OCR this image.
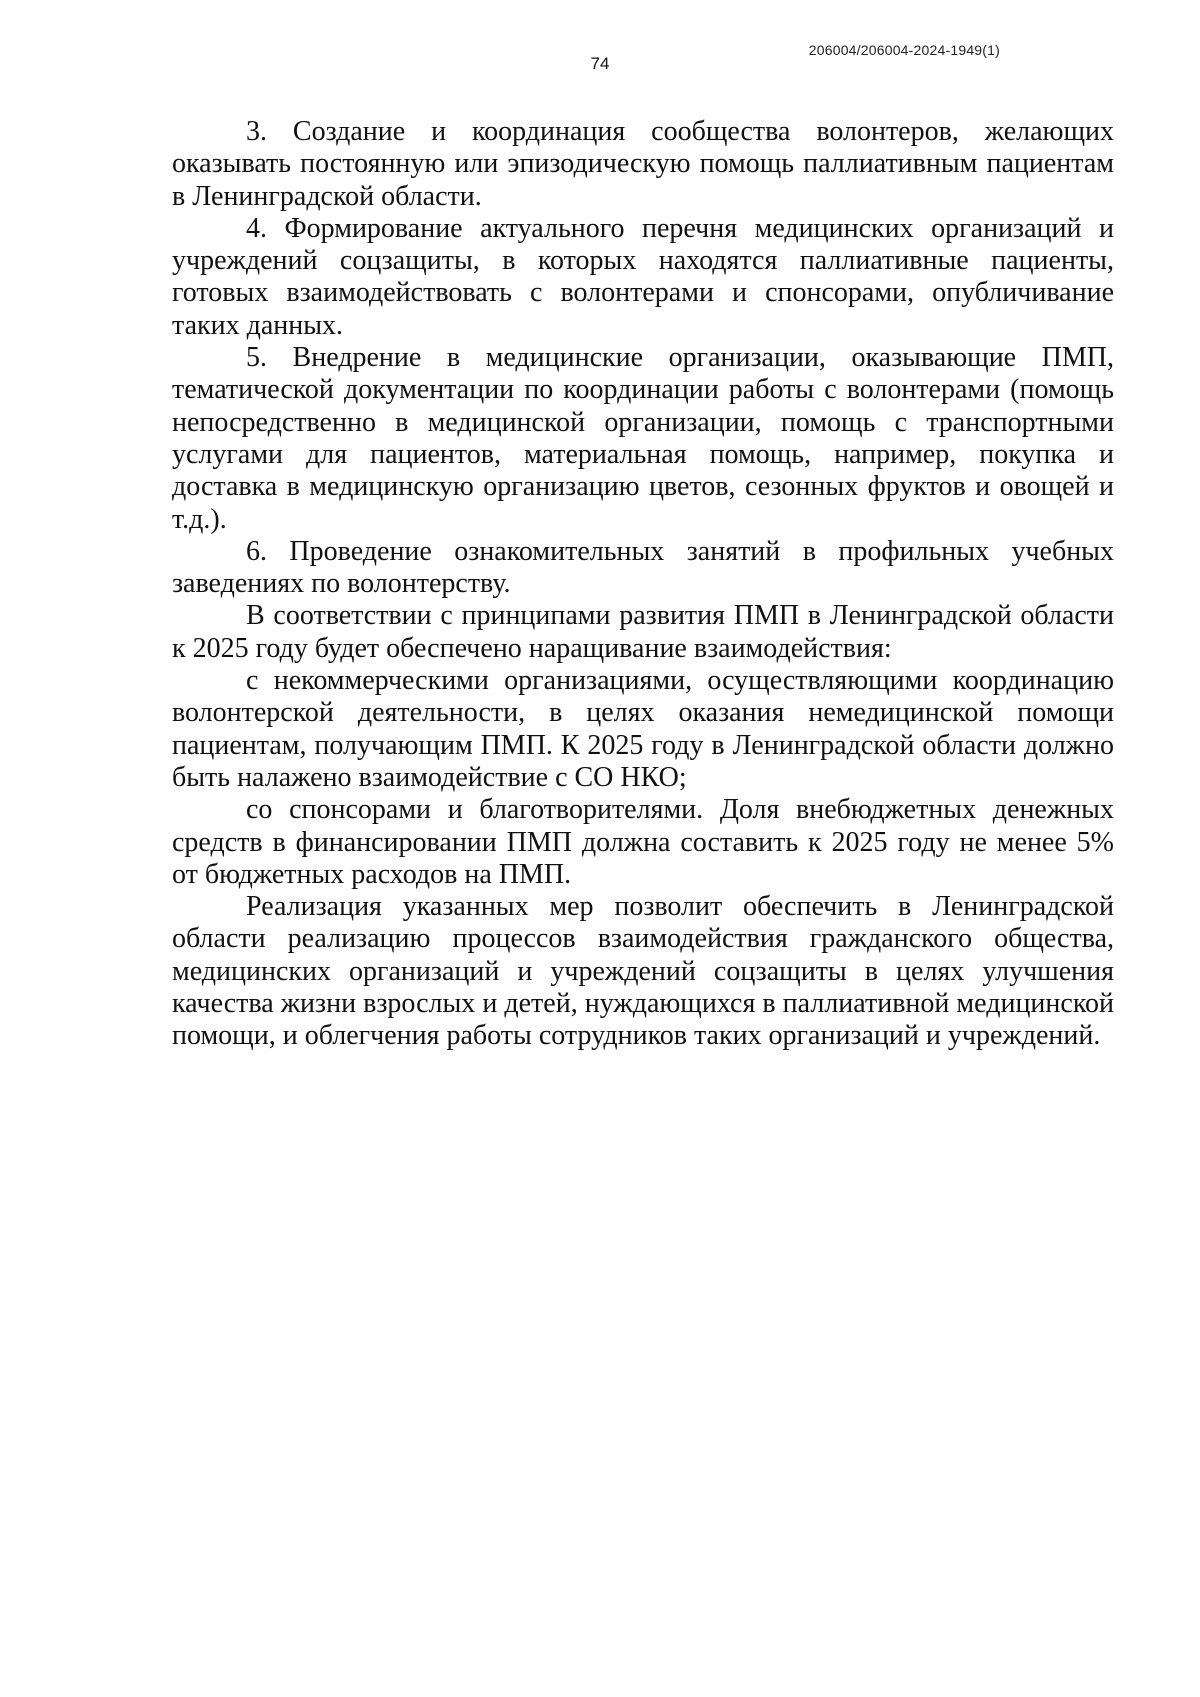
206004/206004-2024-1949(1)
74

3. Создание и координация сообщества волонтеров, желающих оказывать постоянную или эпизодическую помощь паллиативным пациентам в Ленинградской области.

4. Формирование актуального перечня медицинских организаций и учреждений соцзащиты, в которых находятся паллиативные пациенты, готовых взаимодействовать с волонтерами и спонсорами, опубличивание таких данных.

5. Внедрение в медицинские организации, оказывающие ПМП, тематической документации по координации работы с волонтерами (помощь непосредственно в медицинской организации, помощь с транспортными услугами для пациентов, материальная помощь, например, покупка и доставка в медицинскую организацию цветов, сезонных фруктов и овощей и т.д.).

6. Проведение ознакомительных занятий в профильных учебных заведениях по волонтерству.

В соответствии с принципами развития ПМП в Ленинградской области к 2025 году будет обеспечено наращивание взаимодействия:

с некоммерческими организациями, осуществляющими координацию волонтерской деятельности, в целях оказания немедицинской помощи пациентам, получающим ПМП. К 2025 году в Ленинградской области должно быть налажено взаимодействие с СО НКО;

со спонсорами и благотворителями. Доля внебюджетных денежных средств в финансировании ПМП должна составить к 2025 году не менее 5% от бюджетных расходов на ПМП.

Реализация указанных мер позволит обеспечить в Ленинградской области реализацию процессов взаимодействия гражданского общества, медицинских организаций и учреждений соцзащиты в целях улучшения качества жизни взрослых и детей, нуждающихся в паллиативной медицинской помощи, и облегчения работы сотрудников таких организаций и учреждений.
